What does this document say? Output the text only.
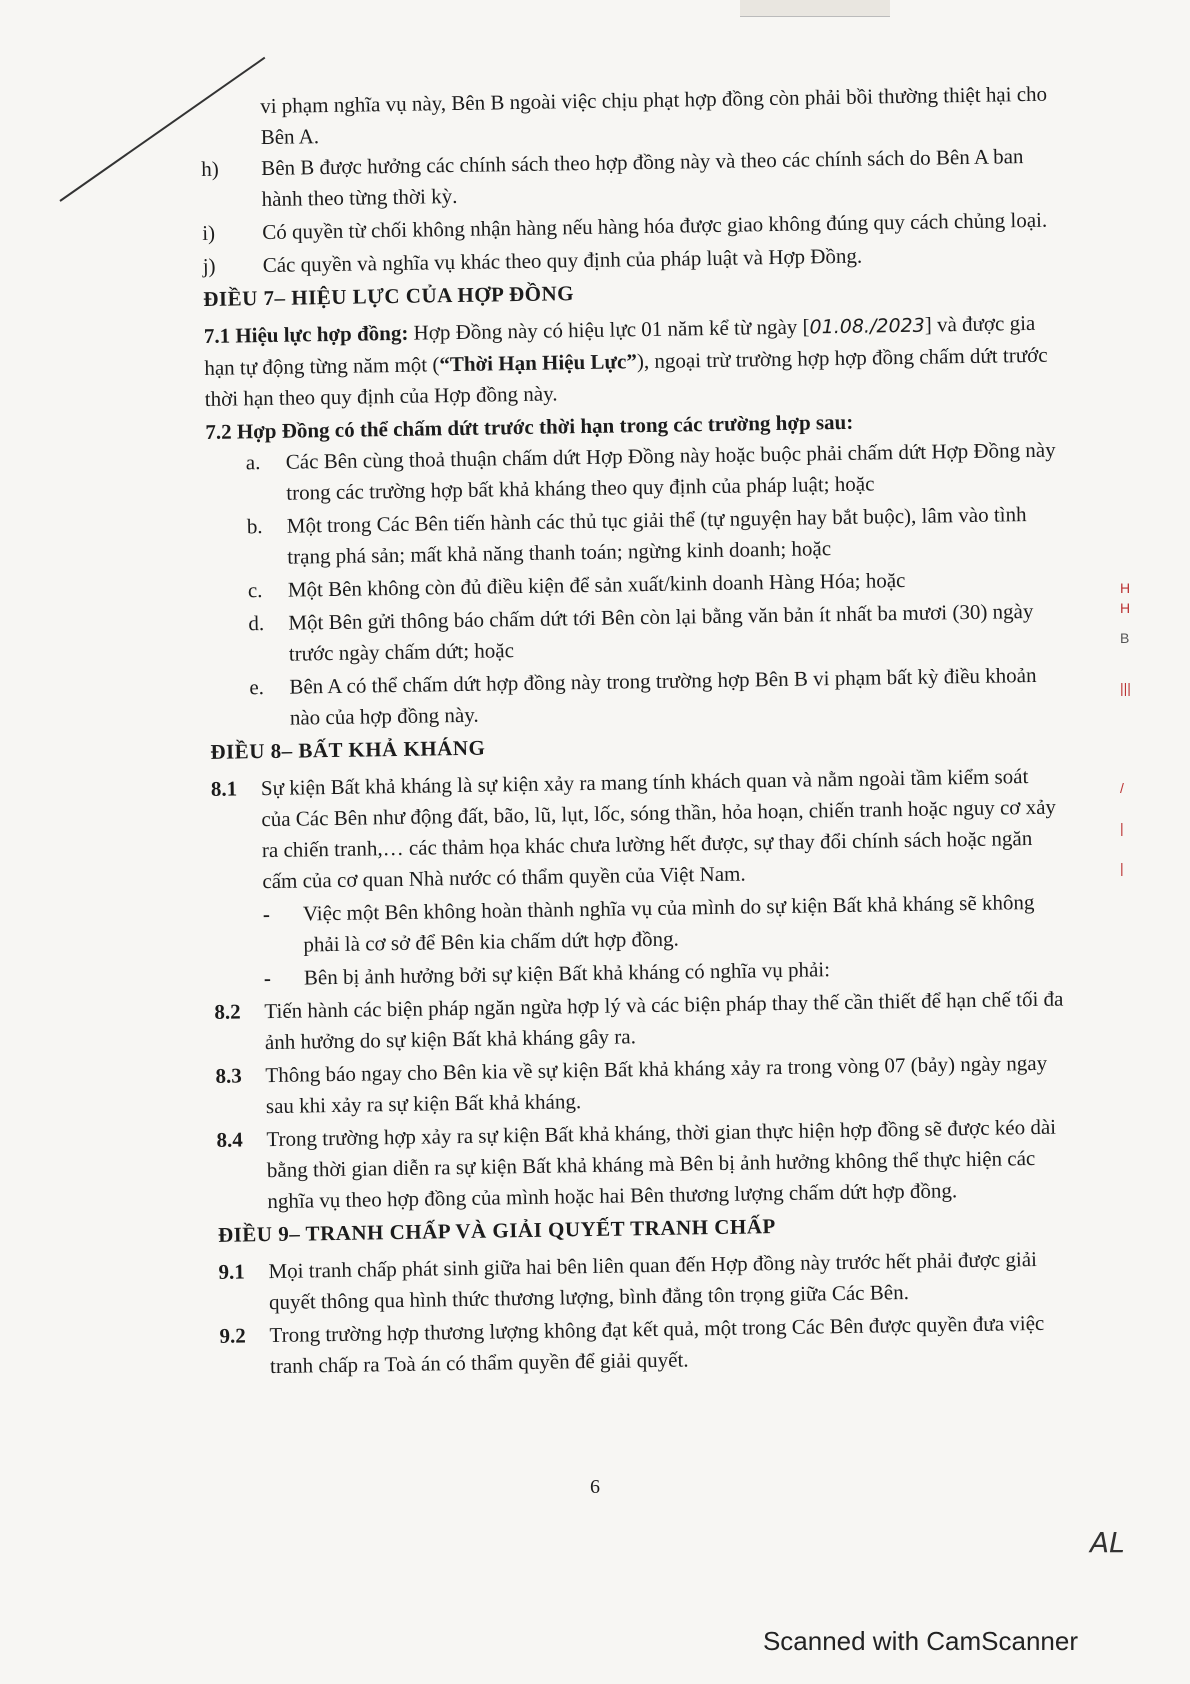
vi phạm nghĩa vụ này, Bên B ngoài việc chịu phạt hợp đồng còn phải bồi thường thiệt hại cho Bên A.
h)	Bên B được hưởng các chính sách theo hợp đồng này và theo các chính sách do Bên A ban hành theo từng thời kỳ.
i)	Có quyền từ chối không nhận hàng nếu hàng hóa được giao không đúng quy cách chủng loại.
j)	Các quyền và nghĩa vụ khác theo quy định của pháp luật và Hợp Đồng.
ĐIỀU 7– HIỆU LỰC CỦA HỢP ĐỒNG
7.1 Hiệu lực hợp đồng: Hợp Đồng này có hiệu lực 01 năm kể từ ngày [01.08./2023] và được gia hạn tự động từng năm một (“Thời Hạn Hiệu Lực”), ngoại trừ trường hợp hợp đồng chấm dứt trước thời hạn theo quy định của Hợp đồng này.
7.2 Hợp Đồng có thể chấm dứt trước thời hạn trong các trường hợp sau:
a.	Các Bên cùng thoả thuận chấm dứt Hợp Đồng này hoặc buộc phải chấm dứt Hợp Đồng này trong các trường hợp bất khả kháng theo quy định của pháp luật; hoặc
b.	Một trong Các Bên tiến hành các thủ tục giải thể (tự nguyện hay bắt buộc), lâm vào tình trạng phá sản; mất khả năng thanh toán; ngừng kinh doanh; hoặc
c.	Một Bên không còn đủ điều kiện để sản xuất/kinh doanh Hàng Hóa; hoặc
d.	Một Bên gửi thông báo chấm dứt tới Bên còn lại bằng văn bản ít nhất ba mươi (30) ngày trước ngày chấm dứt; hoặc
e.	Bên A có thể chấm dứt hợp đồng này trong trường hợp Bên B vi phạm bất kỳ điều khoản nào của hợp đồng này.
ĐIỀU 8– BẤT KHẢ KHÁNG
8.1	Sự kiện Bất khả kháng là sự kiện xảy ra mang tính khách quan và nằm ngoài tầm kiểm soát của Các Bên như động đất, bão, lũ, lụt, lốc, sóng thần, hỏa hoạn, chiến tranh hoặc nguy cơ xảy ra chiến tranh,… các thảm họa khác chưa lường hết được, sự thay đổi chính sách hoặc ngăn cấm của cơ quan Nhà nước có thẩm quyền của Việt Nam.
-	Việc một Bên không hoàn thành nghĩa vụ của mình do sự kiện Bất khả kháng sẽ không phải là cơ sở để Bên kia chấm dứt hợp đồng.
-	Bên bị ảnh hưởng bởi sự kiện Bất khả kháng có nghĩa vụ phải:
8.2	Tiến hành các biện pháp ngăn ngừa hợp lý và các biện pháp thay thế cần thiết để hạn chế tối đa ảnh hưởng do sự kiện Bất khả kháng gây ra.
8.3	Thông báo ngay cho Bên kia về sự kiện Bất khả kháng xảy ra trong vòng 07 (bảy) ngày ngay sau khi xảy ra sự kiện Bất khả kháng.
8.4	Trong trường hợp xảy ra sự kiện Bất khả kháng, thời gian thực hiện hợp đồng sẽ được kéo dài bằng thời gian diễn ra sự kiện Bất khả kháng mà Bên bị ảnh hưởng không thể thực hiện các nghĩa vụ theo hợp đồng của mình hoặc hai Bên thương lượng chấm dứt hợp đồng.
ĐIỀU 9– TRANH CHẤP VÀ GIẢI QUYẾT TRANH CHẤP
9.1	Mọi tranh chấp phát sinh giữa hai bên liên quan đến Hợp đồng này trước hết phải được giải quyết thông qua hình thức thương lượng, bình đẳng tôn trọng giữa Các Bên.
9.2	Trong trường hợp thương lượng không đạt kết quả, một trong Các Bên được quyền đưa việc tranh chấp ra Toà án có thẩm quyền để giải quyết.
H
H
B
|||
/
|
|
6
AL
Scanned with CamScanner
